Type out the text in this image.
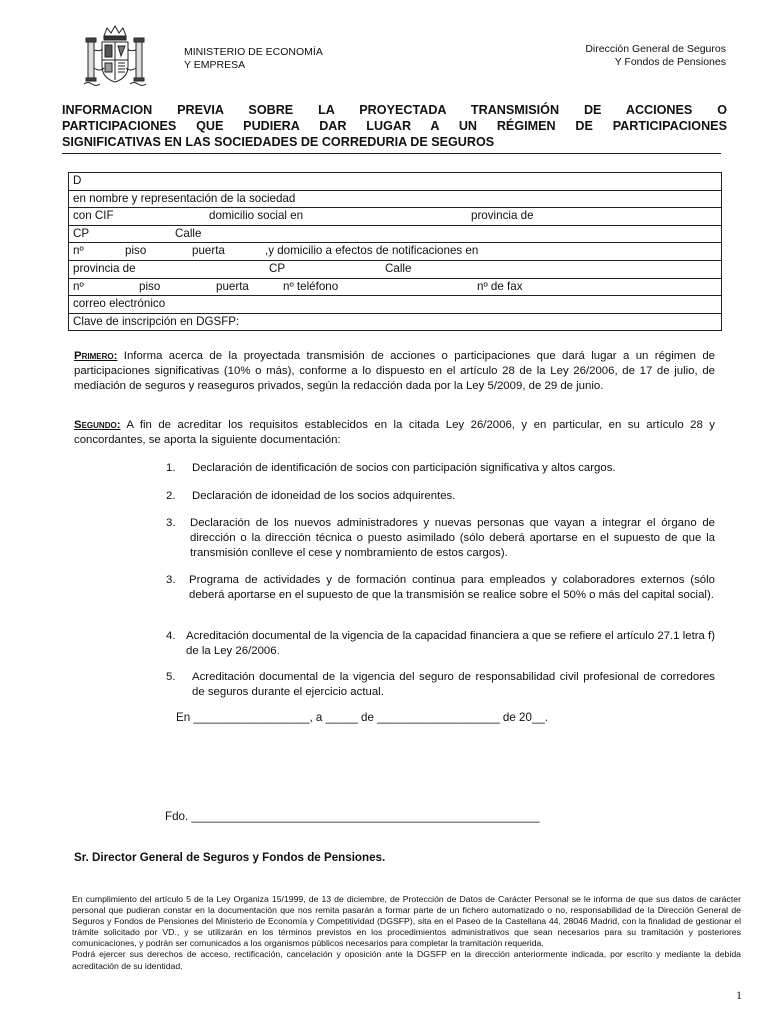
MINISTERIO DE ECONOMÍA
Y EMPRESA
Dirección General de Seguros
Y Fondos de Pensiones
INFORMACION PREVIA SOBRE LA PROYECTADA TRANSMISIÓN DE ACCIONES O
PARTICIPACIONES QUE PUDIERA DAR LUGAR A UN RÉGIMEN DE PARTICIPACIONES
SIGNIFICATIVAS EN LAS SOCIEDADES DE CORREDURIA DE SEGUROS
D
en nombre y representación de la sociedad
con CIF	domicilio social en	provincia de
CP	Calle
nº	piso	puerta	,y domicilio a efectos de notificaciones en
provincia de	CP	Calle
nº	piso	puerta	nº teléfono	nº de fax
correo electrónico
Clave de inscripción en DGSFP:
Primero: Informa acerca de la proyectada transmisión de acciones o participaciones que dará lugar a un régimen de participaciones significativas (10% o más), conforme a lo dispuesto en el artículo 28 de la Ley 26/2006, de 17 de julio, de mediación de seguros y reaseguros privados, según la redacción dada por la Ley 5/2009, de 29 de junio.
Segundo: A fin de acreditar los requisitos establecidos en la citada Ley 26/2006, y en particular, en su artículo 28 y concordantes, se aporta la siguiente documentación:
1. Declaración de identificación de socios con participación significativa y altos cargos.
2. Declaración de idoneidad de los socios adquirentes.
3. Declaración de los nuevos administradores y nuevas personas que vayan a integrar el órgano de dirección o la dirección técnica o puesto asimilado (sólo deberá aportarse en el supuesto de que la transmisión conlleve el cese y nombramiento de estos cargos).
3. Programa de actividades y de formación continua para empleados y colaboradores externos (sólo deberá aportarse en el supuesto de que la transmisión se realice sobre el 50% o más del capital social).
4. Acreditación documental de la vigencia de la capacidad financiera a que se refiere el artículo 27.1 letra f) de la Ley 26/2006.
5. Acreditación documental de la vigencia del seguro de responsabilidad civil profesional de corredores de seguros durante el ejercicio actual.
En __________________, a _____ de ___________________ de 20__.
Fdo. ______________________________________________________
Sr. Director General de Seguros y Fondos de Pensiones.

En cumplimiento del artículo 5 de la Ley Organiza 15/1999, de 13 de diciembre, de Protección de Datos de Carácter Personal se le informa de que sus datos de carácter personal que pudieran constar en la documentación que nos remita pasarán a formar parte de un fichero automatizado o no, responsabilidad de la Dirección General de Seguros y Fondos de Pensiones del Ministerio de Economía y Competitividad (DGSFP), sita en el Paseo de la Castellana 44, 28046 Madrid, con la finalidad de gestionar el trámite solicitado por VD., y se utilizarán en los términos previstos en los procedimientos administrativos que sean necesarios para su tramitación y posteriores comunicaciones, y podrán ser comunicados a los organismos públicos necesarios para completar la tramitación requerida.

Podrá ejercer sus derechos de acceso, rectificación, cancelación y oposición ante la DGSFP en la dirección anteriormente indicada, por escrito y mediante la debida acreditación de su identidad.

1
